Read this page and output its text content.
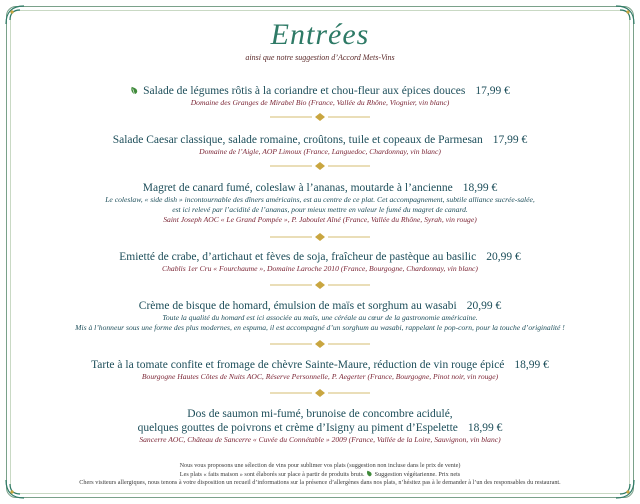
Entrées
ainsi que notre suggestion d’Accord Mets-Vins
Salade de légumes rôtis à la coriandre et chou-fleur aux épices douces 17,99 €
Domaine des Granges de Mirabel Bio (France, Vallée du Rhône, Viognier, vin blanc)
Salade Caesar classique, salade romaine, croûtons, tuile et copeaux de Parmesan 17,99 €
Domaine de l’Aigle, AOP Limoux (France, Languedoc, Chardonnay, vin blanc)
Magret de canard fumé, coleslaw à l’ananas, moutarde à l’ancienne 18,99 €
Le coleslaw, « side dish » incontournable des dîners américains, est au centre de ce plat. Cet accompagnement, subtile alliance sucrée-salée,
est ici relevé par l’acidité de l’ananas, pour mieux mettre en valeur le fumé du magret de canard.
Saint Joseph AOC « Le Grand Pompée », P. Jaboulet Aîné (France, Vallée du Rhône, Syrah, vin rouge)
Emietté de crabe, d’artichaut et fèves de soja, fraîcheur de pastèque au basilic 20,99 €
Chablis 1er Cru « Fourchaume », Domaine Laroche 2010 (France, Bourgogne, Chardonnay, vin blanc)
Crème de bisque de homard, émulsion de maïs et sorghum au wasabi 20,99 €
Toute la qualité du homard est ici associée au maïs, une céréale au cœur de la gastronomie américaine.
Mis à l’honneur sous une forme des plus modernes, en espuma, il est accompagné d’un sorghum au wasabi, rappelant le pop-corn, pour la touche d’originalité !
Tarte à la tomate confite et fromage de chèvre Sainte-Maure, réduction de vin rouge épicé 18,99 €
Bourgogne Hautes Côtes de Nuits AOC, Réserve Personnelle, P. Aegerter (France, Bourgogne, Pinot noir, vin rouge)
Dos de saumon mi-fumé, brunoise de concombre acidulé,
quelques gouttes de poivrons et crème d’Isigny au piment d’Espelette 18,99 €
Sancerre AOC, Château de Sancerre « Cuvée du Connétable » 2009 (France, Vallée de la Loire, Sauvignon, vin blanc)
Nous vous proposons une sélection de vins pour sublimer vos plats (suggestion non incluse dans le prix de vente)
Les plats « faits maison » sont élaborés sur place à partir de produits bruts. Suggestion végétarienne. Prix nets
Chers visiteurs allergiques, nous tenons à votre disposition un recueil d’informations sur la présence d’allergènes dans nos plats, n’hésitez pas à le demander à l’un des responsables du restaurant.
